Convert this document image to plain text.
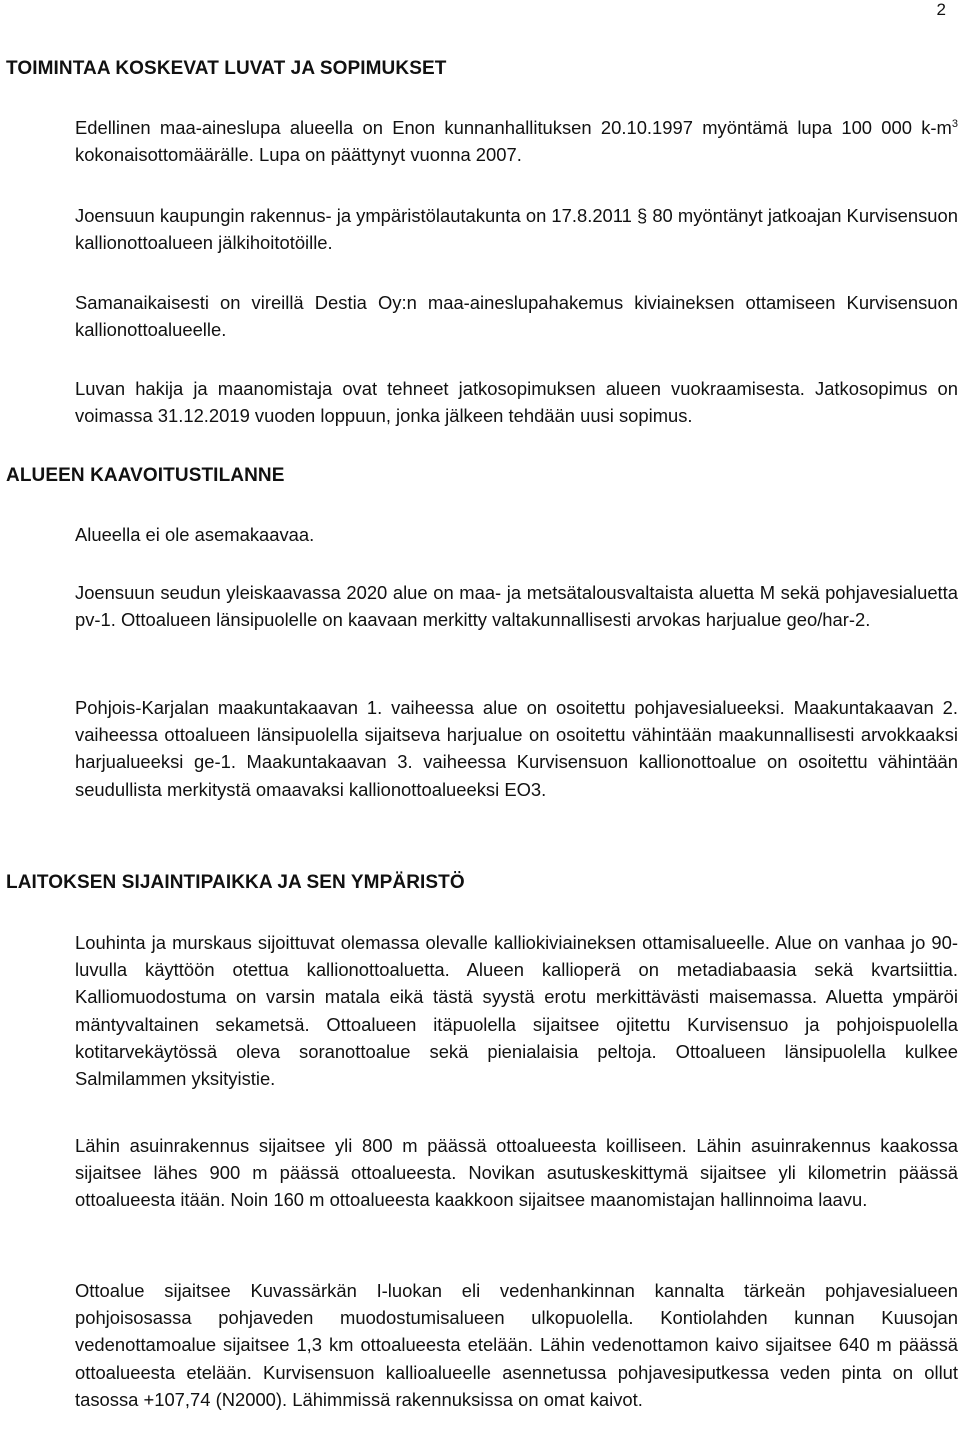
2
TOIMINTAA KOSKEVAT LUVAT JA SOPIMUKSET

Edellinen maa-aineslupa alueella on Enon kunnanhallituksen 20.10.1997 myöntämä lupa 100 000 $k-m^3$ kokonaisottomäärälle. Lupa on päättynyt vuonna 2007.

Joensuun kaupungin rakennus- ja ympäristölautakunta on 17.8.2011 § 80 myöntänyt jatkoajan Kurvisensuon kallionottoalueen jälkihoitotöille.

Samanaikaisesti on vireillä Destia Oy:n maa-aineslupahakemus kiviaineksen ottamiseen Kurvisensuon kallionottoalueelle.

Luvan hakija ja maanomistaja ovat tehneet jatkosopimuksen alueen vuokraamisesta. Jatkosopimus on voimassa 31.12.2019 vuoden loppuun, jonka jälkeen tehdään uusi sopimus.

ALUEEN KAAVOITUSTILANNE

Alueella ei ole asemakaavaa.

Joensuun seudun yleiskaavassa 2020 alue on maa- ja metsätalousvaltaista aluetta M sekä pohjavesialuetta pv-1. Ottoalueen länsipuolelle on kaavaan merkitty valtakunnallisesti arvokas harjualue geo/har-2.

Pohjois-Karjalan maakuntakaavan 1. vaiheessa alue on osoitettu pohjavesialueeksi. Maakuntakaavan 2. vaiheessa ottoalueen länsipuolella sijaitseva harjualue on osoitettu vähintään maakunnallisesti arvokkaaksi harjualueeksi ge-1. Maakuntakaavan 3. vaiheessa Kurvisensuon kallionottoalue on osoitettu vähintään seudullista merkitystä omaavaksi kallionottoalueeksi EO3.

LAITOKSEN SIJAINTIPAIKKA JA SEN YMPÄRISTÖ

Louhinta ja murskaus sijoittuvat olemassa olevalle kalliokiviaineksen ottamisalueelle. Alue on vanhaa jo 90-luvulla käyttöön otettua kallionottoaluetta. Alueen kallioperä on metadiabaasia sekä kvartsiittia. Kalliomuodostuma on varsin matala eikä tästä syystä erotu merkittävästi maisemassa. Aluetta ympäröi mäntyvaltainen sekametsä. Ottoalueen itäpuolella sijaitsee ojitettu Kurvisensuo ja pohjoispuolella kotitarvekäytössä oleva soranottoalue sekä pienialaisia peltoja. Ottoalueen länsipuolella kulkee Salmilammen yksityistie.

Lähin asuinrakennus sijaitsee yli 800 m päässä ottoalueesta koilliseen. Lähin asuinrakennus kaakossa sijaitsee lähes 900 m päässä ottoalueesta. Novikan asutuskeskittymä sijaitsee yli kilometrin päässä ottoalueesta itään. Noin 160 m ottoalueesta kaakkoon sijaitsee maanomistajan hallinnoima laavu.

Ottoalue sijaitsee Kuvassärkän I-luokan eli vedenhankinnan kannalta tärkeän pohjavesialueen pohjoisosassa pohjaveden muodostumisalueen ulkopuolella. Kontiolahden kunnan Kuusojan vedenottamoalue sijaitsee 1,3 km ottoalueesta etelään. Lähin vedenottamon kaivo sijaitsee 640 m päässä ottoalueesta etelään. Kurvisensuon kallioalueelle asennetussa pohjavesiputkessa veden pinta on ollut tasossa +107,74 (N2000). Lähimmissä rakennuksissa on omat kaivot.
